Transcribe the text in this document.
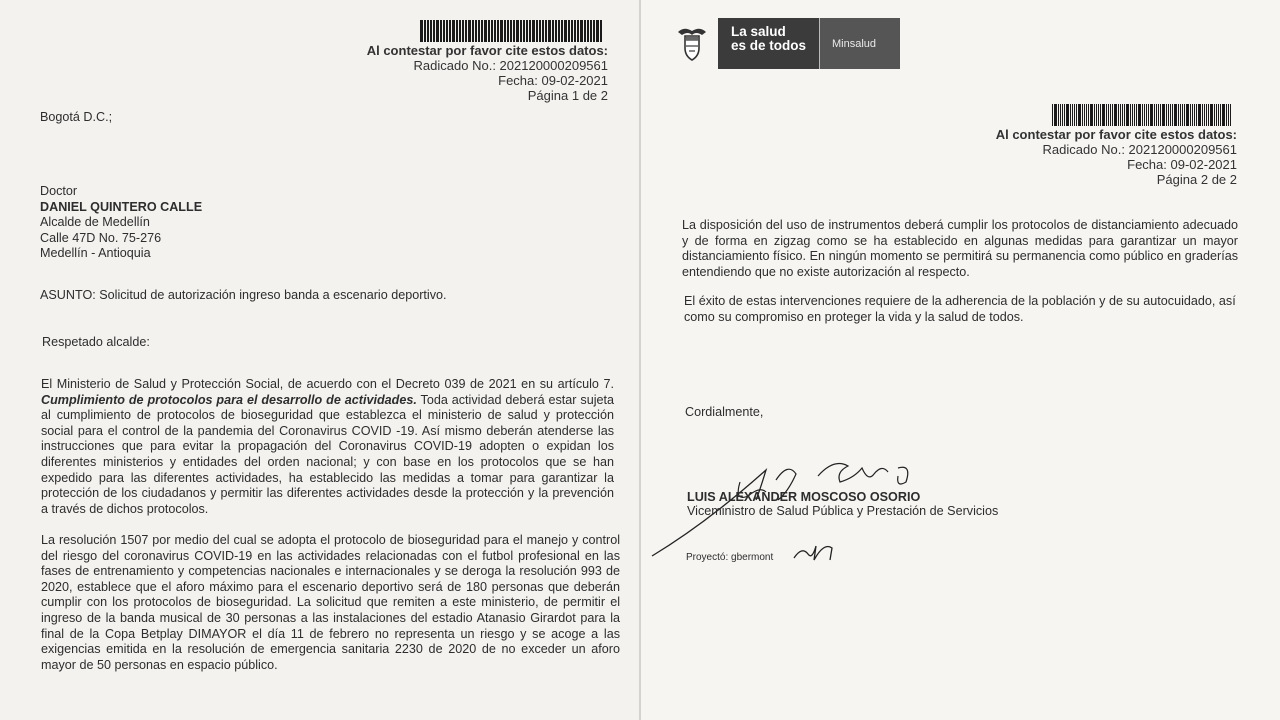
Al contestar por favor cite estos datos:
Radicado No.: 202120000209561
Fecha: 09-02-2021
Página 1 de 2
Bogotá D.C.;
Doctor
DANIEL QUINTERO CALLE
Alcalde de Medellín
Calle 47D No. 75-276
Medellín - Antioquia
ASUNTO: Solicitud de autorización ingreso banda a escenario deportivo.
Respetado alcalde:
El Ministerio de Salud y Protección Social, de acuerdo con el Decreto 039 de 2021 en su artículo 7. Cumplimiento de protocolos para el desarrollo de actividades. Toda actividad deberá estar sujeta al cumplimiento de protocolos de bioseguridad que establezca el ministerio de salud y protección social para el control de la pandemia del Coronavirus COVID -19. Así mismo deberán atenderse las instrucciones que para evitar la propagación del Coronavirus COVID-19 adopten o expidan los diferentes ministerios y entidades del orden nacional; y con base en los protocolos que se han expedido para las diferentes actividades, ha establecido las medidas a tomar para garantizar la protección de los ciudadanos y permitir las diferentes actividades desde la protección y la prevención a través de dichos protocolos.
La resolución 1507 por medio del cual se adopta el protocolo de bioseguridad para el manejo y control del riesgo del coronavirus COVID-19 en las actividades relacionadas con el futbol profesional en las fases de entrenamiento y competencias nacionales e internacionales y se deroga la resolución 993 de 2020, establece que el aforo máximo para el escenario deportivo será de 180 personas que deberán cumplir con los protocolos de bioseguridad. La solicitud que remiten a este ministerio, de permitir el ingreso de la banda musical de 30 personas a las instalaciones del estadio Atanasio Girardot para la final de la Copa Betplay DIMAYOR el día 11 de febrero no representa un riesgo y se acoge a las exigencias emitida en la resolución de emergencia sanitaria 2230 de 2020 de no exceder un aforo mayor de 50 personas en espacio público.
La salud
es de todos	Minsalud
Al contestar por favor cite estos datos:
Radicado No.: 202120000209561
Fecha: 09-02-2021
Página 2 de 2
La disposición del uso de instrumentos deberá cumplir los protocolos de distanciamiento adecuado y de forma en zigzag como se ha establecido en algunas medidas para garantizar un mayor distanciamiento físico. En ningún momento se permitirá su permanencia como público en graderías entendiendo que no existe autorización al respecto.
El éxito de estas intervenciones requiere de la adherencia de la población y de su autocuidado, así como su compromiso en proteger la vida y la salud de todos.
Cordialmente,
LUIS ALEXANDER MOSCOSO OSORIO
Viceministro de Salud Pública y Prestación de Servicios
Proyectó: gbermont
